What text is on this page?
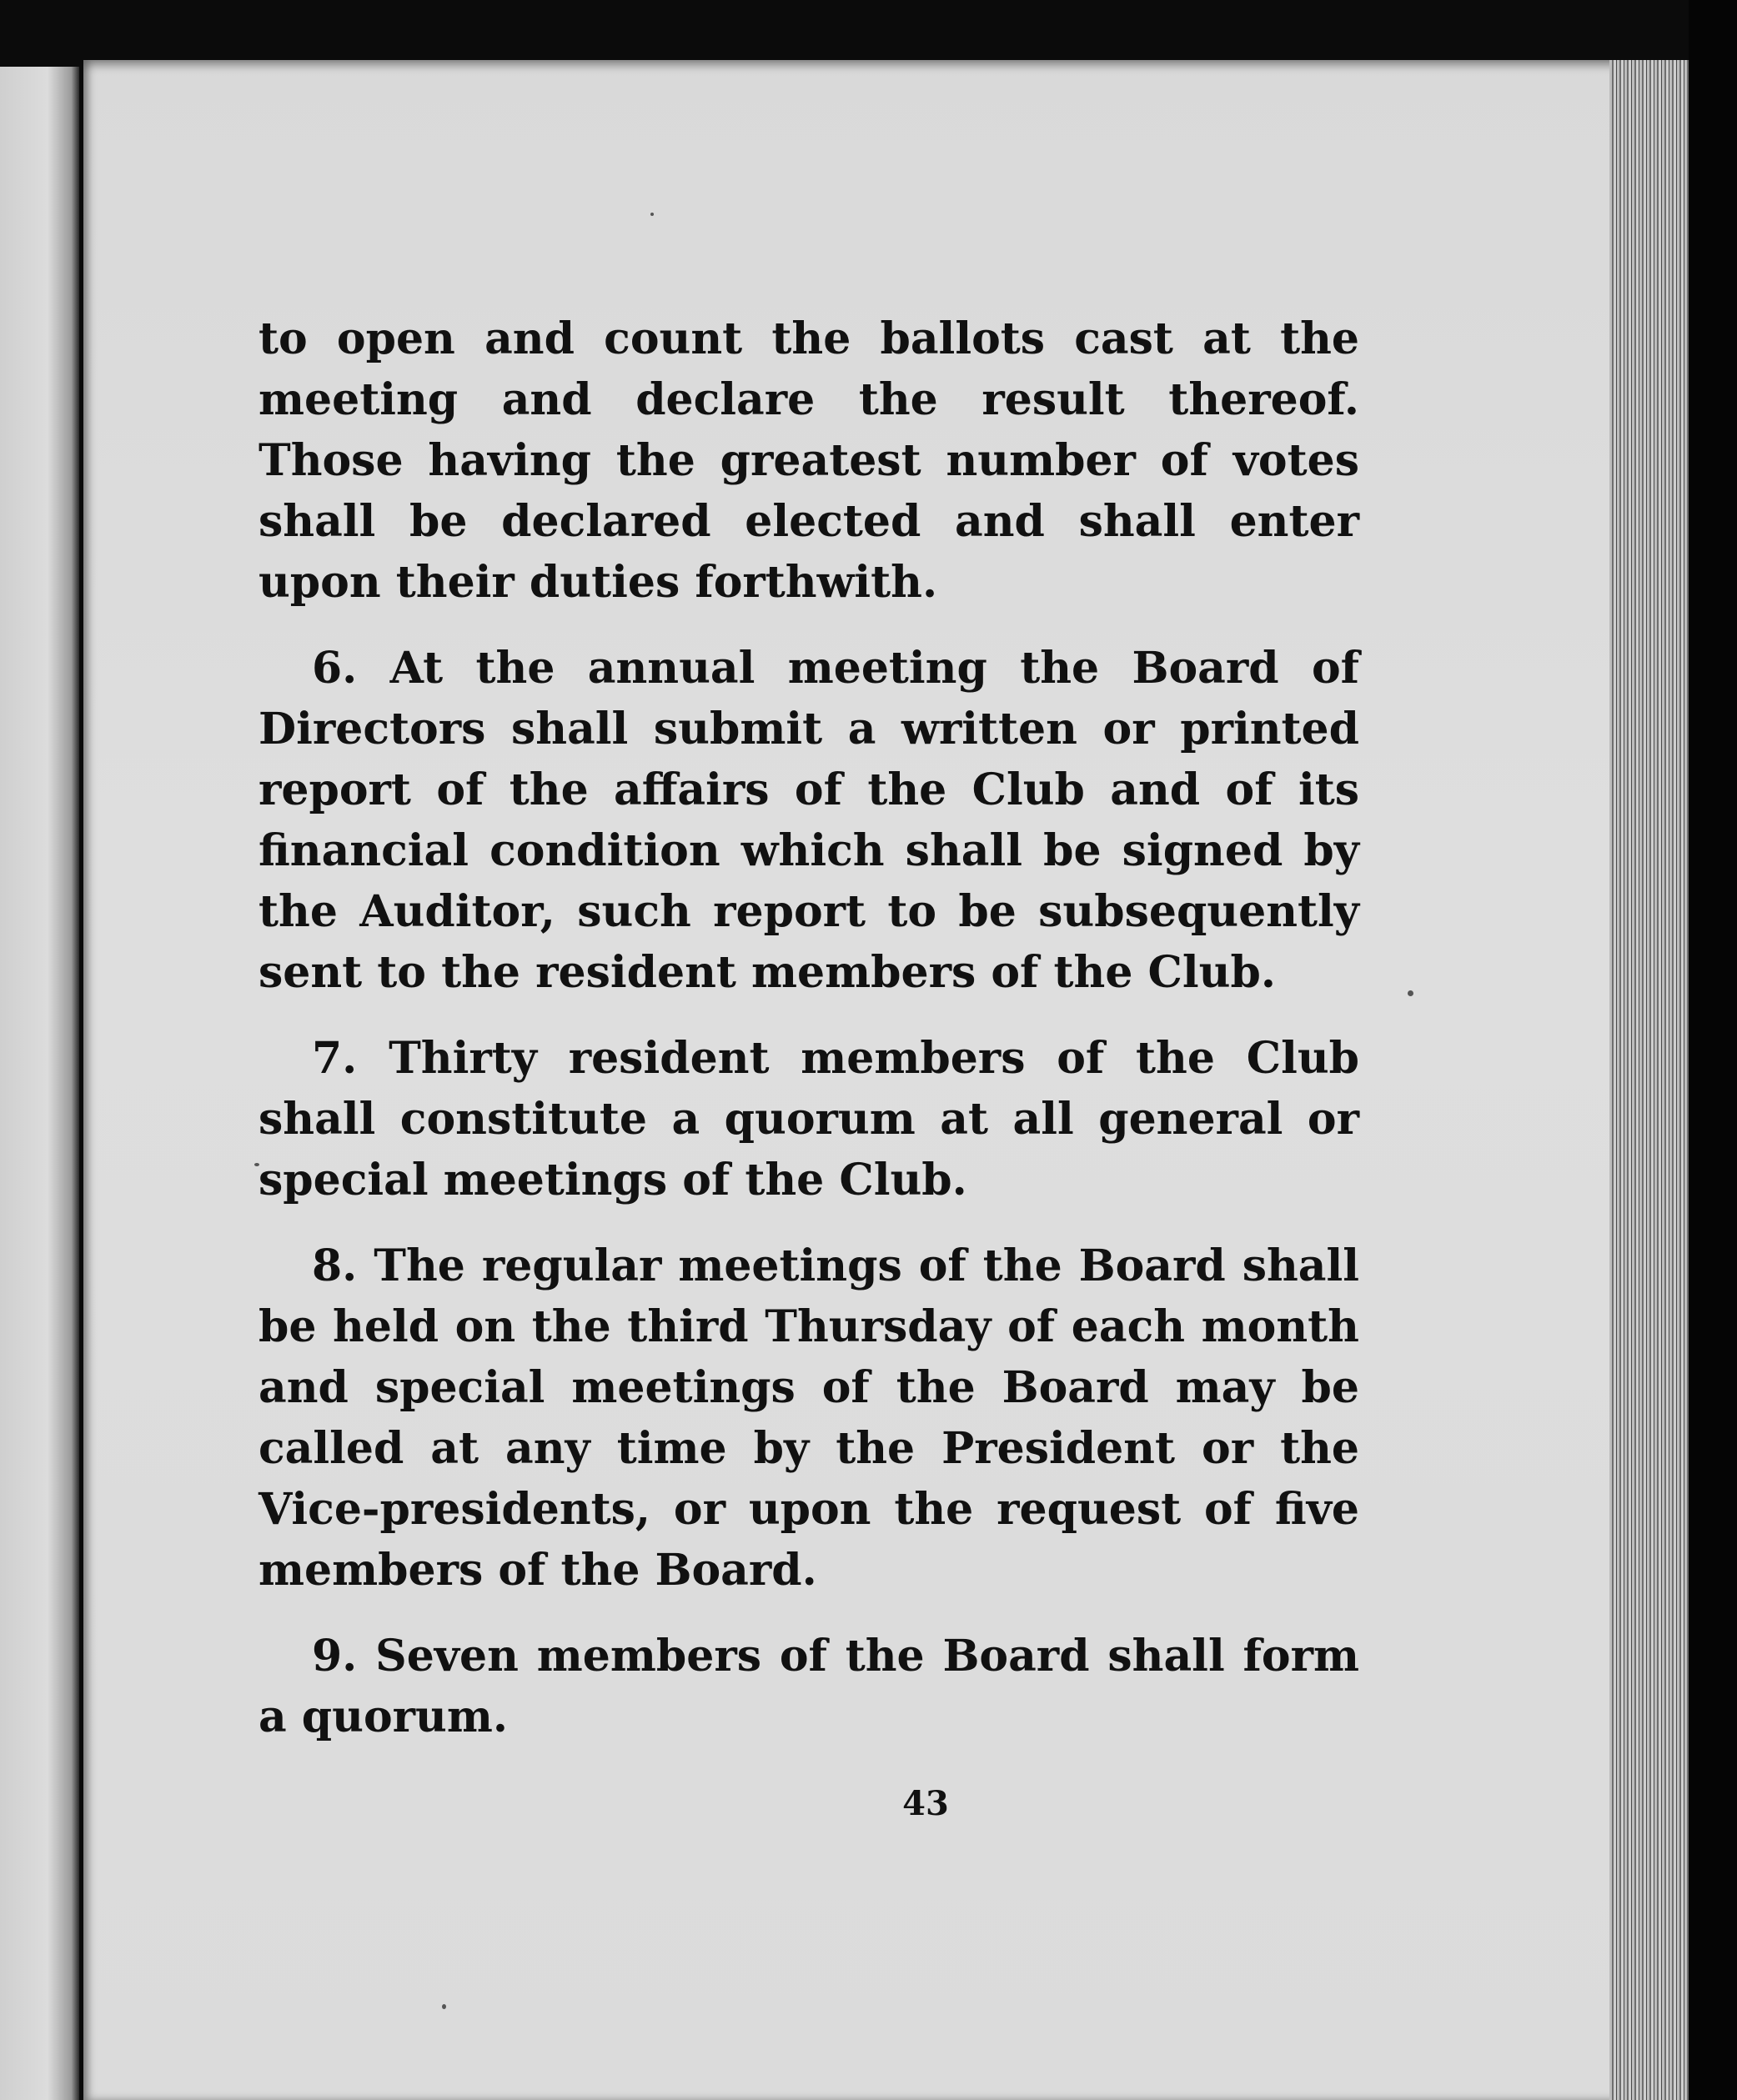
to open and count the ballots cast at the meeting and declare the result thereof. Those having the greatest number of votes shall be declared elected and shall enter upon their duties forthwith.

6. At the annual meeting the Board of Directors shall submit a written or printed report of the affairs of the Club and of its financial condition which shall be signed by the Auditor, such report to be subsequently sent to the resident members of the Club.

7. Thirty resident members of the Club shall constitute a quorum at all general or special meetings of the Club.

8. The regular meetings of the Board shall be held on the third Thursday of each month and special meetings of the Board may be called at any time by the President or the Vice-presidents, or upon the request of five members of the Board.

9. Seven members of the Board shall form a quorum.

43
